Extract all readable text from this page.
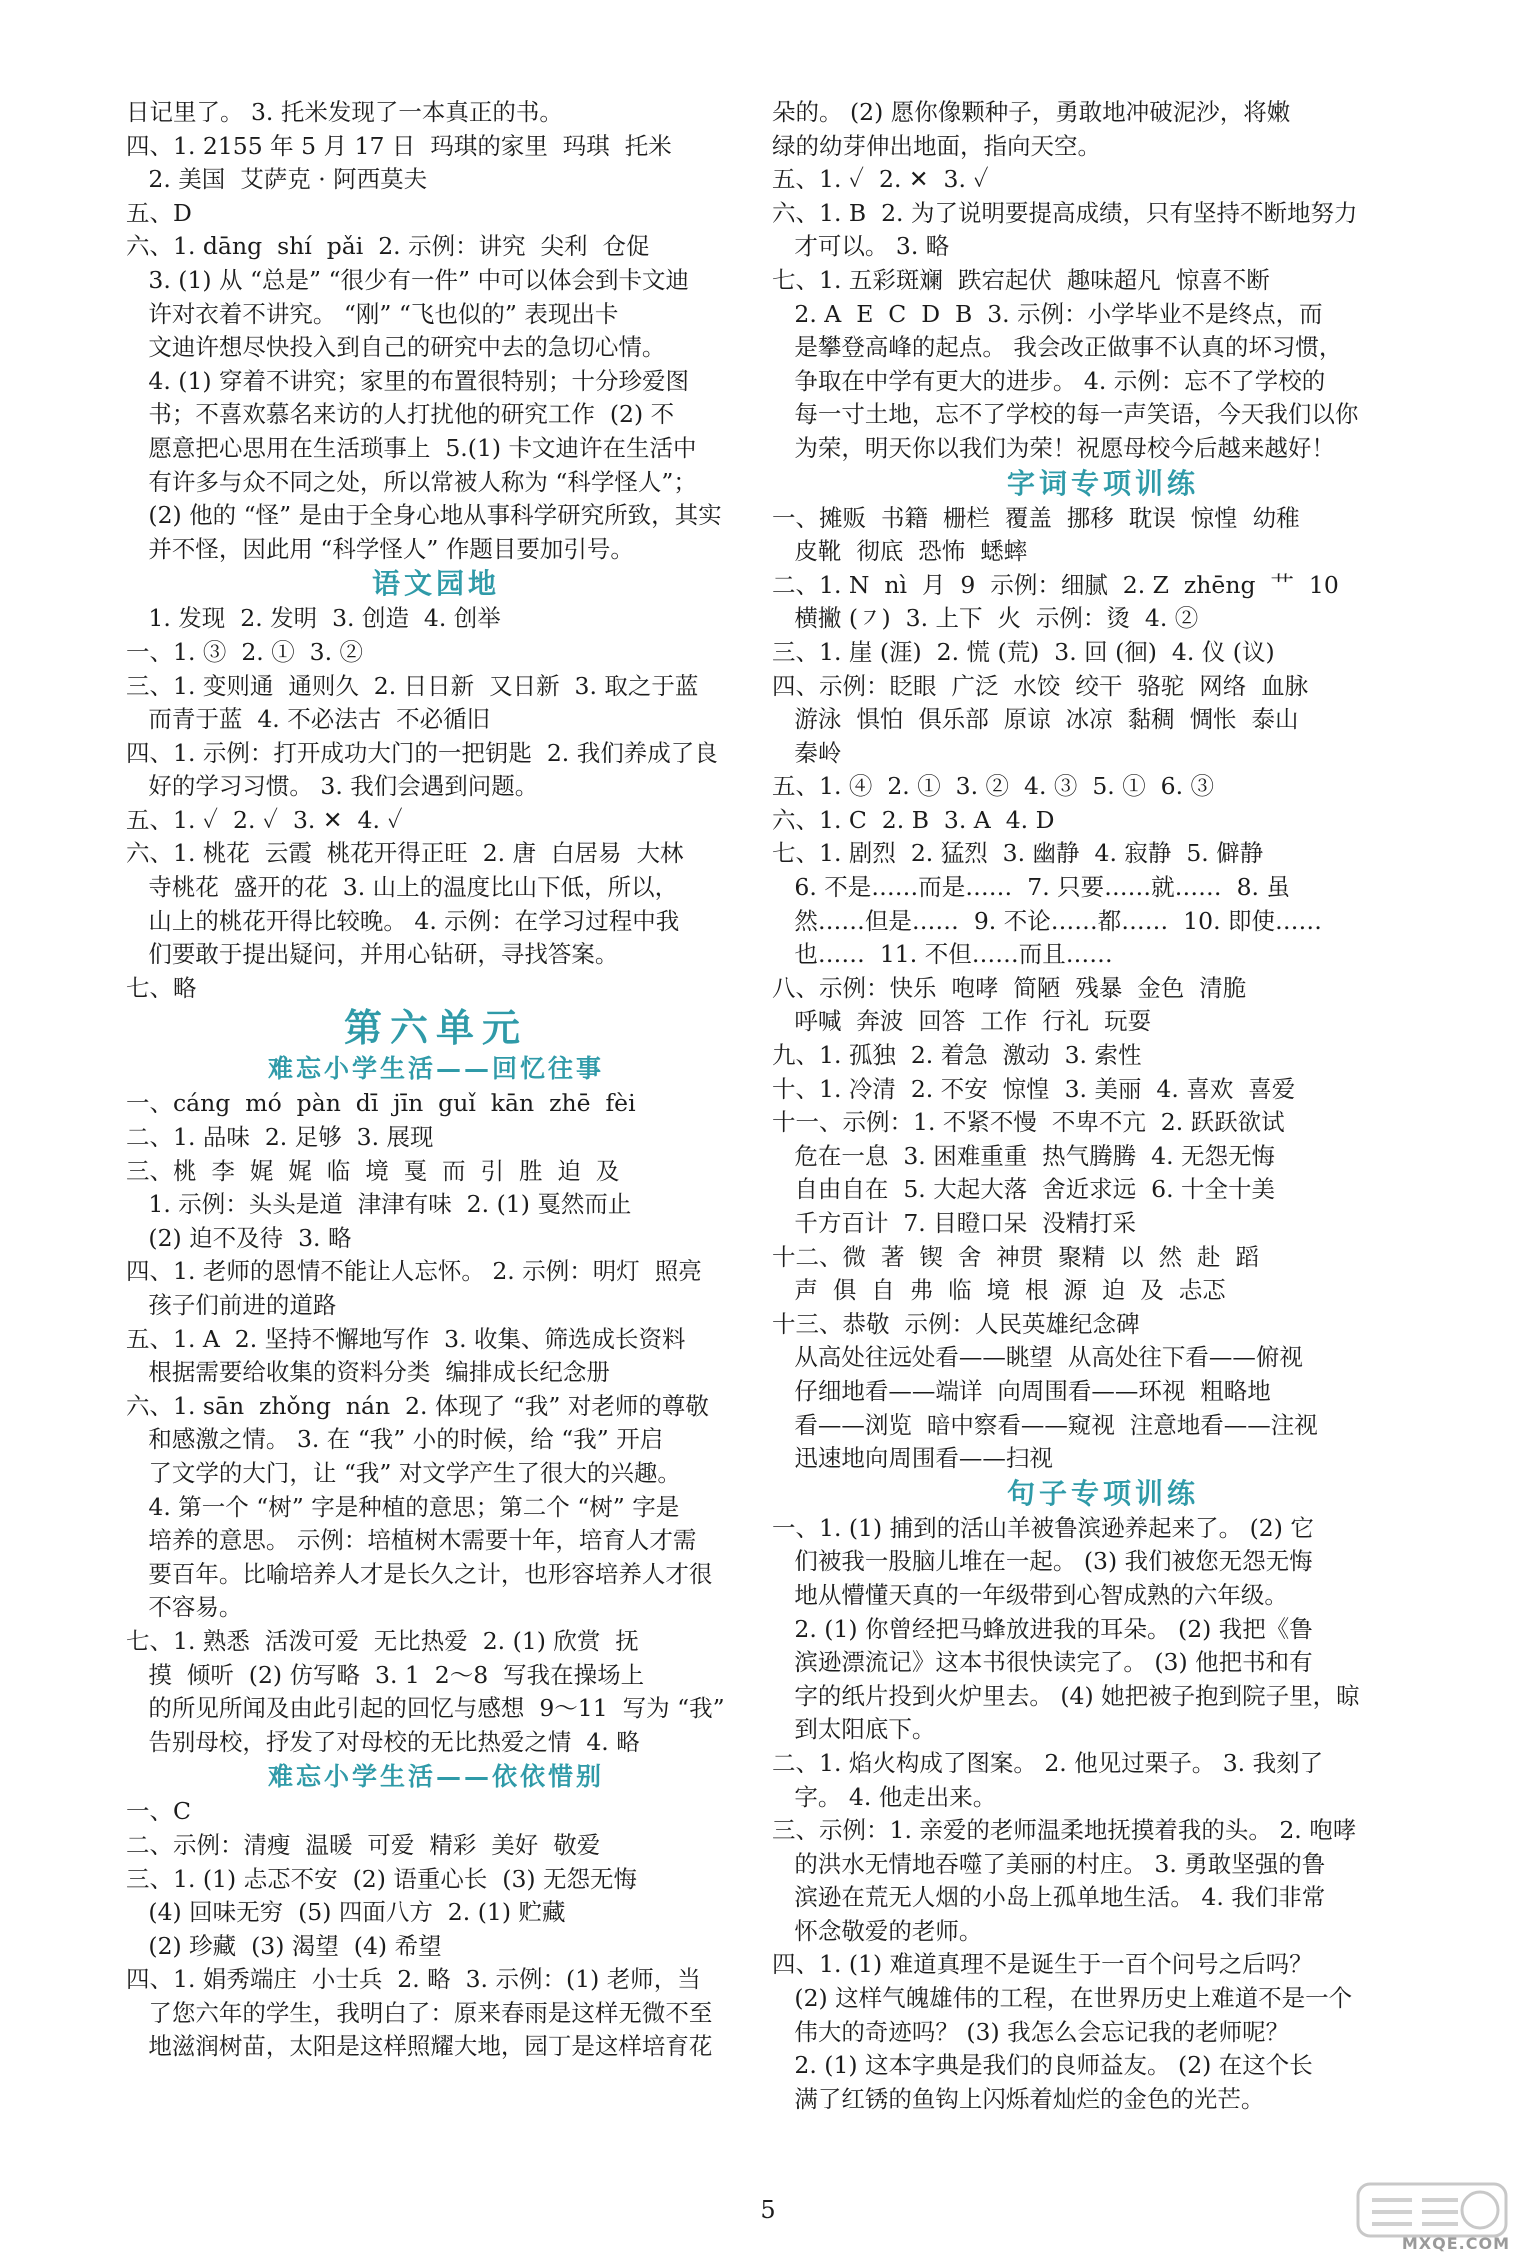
日记里了。 3. 托米发现了一本真正的书。
四、1. 2155 年 5 月 17 日  玛琪的家里  玛琪  托米
2. 美国  艾萨克 · 阿西莫夫
五、D
六、1. dāng  shí  pǎi  2. 示例：讲究  尖利  仓促
3. (1) 从 “总是” “很少有一件” 中可以体会到卡文迪
许对衣着不讲究。 “刚” “飞也似的” 表现出卡
文迪许想尽快投入到自己的研究中去的急切心情。
4. (1) 穿着不讲究；家里的布置很特别；十分珍爱图
书；不喜欢慕名来访的人打扰他的研究工作  (2) 不
愿意把心思用在生活琐事上  5.(1) 卡文迪许在生活中
有许多与众不同之处，所以常被人称为 “科学怪人”；
(2) 他的 “怪” 是由于全身心地从事科学研究所致，其实
并不怪，因此用 “科学怪人” 作题目要加引号。
语文园地
1. 发现  2. 发明  3. 创造  4. 创举
一、1. ③  2. ①  3. ②
三、1. 变则通  通则久  2. 日日新  又日新  3. 取之于蓝
而青于蓝  4. 不必法古  不必循旧
四、1. 示例：打开成功大门的一把钥匙  2. 我们养成了良
好的学习习惯。 3. 我们会遇到问题。
五、1. ✓  2. ✓  3. ✕  4. ✓
六、1. 桃花  云霞  桃花开得正旺  2. 唐  白居易  大林
寺桃花  盛开的花  3. 山上的温度比山下低，所以，
山上的桃花开得比较晚。 4. 示例：在学习过程中我
们要敢于提出疑问，并用心钻研，寻找答案。
七、略
第六单元
难忘小学生活——回忆往事
一、cáng  mó  pàn  dī  jīn  guǐ  kān  zhē  fèi
二、1. 品味  2. 足够  3. 展现
三、桃  李  娓  娓  临  境  戛  而  引  胜  迫  及
1. 示例：头头是道  津津有味  2. (1) 戛然而止
(2) 迫不及待  3. 略
四、1. 老师的恩情不能让人忘怀。 2. 示例：明灯  照亮
孩子们前进的道路
五、1. A  2. 坚持不懈地写作  3. 收集、筛选成长资料
根据需要给收集的资料分类  编排成长纪念册
六、1. sān  zhǒng  nán  2. 体现了 “我” 对老师的尊敬
和感激之情。 3. 在 “我” 小的时候，给 “我” 开启
了文学的大门，让 “我” 对文学产生了很大的兴趣。
4. 第一个 “树” 字是种植的意思；第二个 “树” 字是
培养的意思。 示例：培植树木需要十年，培育人才需
要百年。比喻培养人才是长久之计，也形容培养人才很
不容易。
七、1. 熟悉  活泼可爱  无比热爱  2. (1) 欣赏  抚
摸  倾听  (2) 仿写略  3. 1  2～8  写我在操场上
的所见所闻及由此引起的回忆与感想  9～11  写为 “我”
告别母校，抒发了对母校的无比热爱之情  4. 略
难忘小学生活——依依惜别
一、C
二、示例：清瘦  温暖  可爱  精彩  美好  敬爱
三、1. (1) 忐忑不安  (2) 语重心长  (3) 无怨无悔
(4) 回味无穷  (5) 四面八方  2. (1) 贮藏
(2) 珍藏  (3) 渴望  (4) 希望
四、1. 娟秀端庄  小士兵  2. 略  3. 示例：(1) 老师，当
了您六年的学生，我明白了：原来春雨是这样无微不至
地滋润树苗，太阳是这样照耀大地，园丁是这样培育花
朵的。 (2) 愿你像颗种子，勇敢地冲破泥沙，将嫩
绿的幼芽伸出地面，指向天空。
五、1. ✓  2. ✕  3. ✓
六、1. B  2. 为了说明要提高成绩，只有坚持不断地努力
才可以。 3. 略
七、1. 五彩斑斓  跌宕起伏  趣味超凡  惊喜不断
2. A  E  C  D  B  3. 示例：小学毕业不是终点，而
是攀登高峰的起点。 我会改正做事不认真的坏习惯，
争取在中学有更大的进步。 4. 示例：忘不了学校的
每一寸土地，忘不了学校的每一声笑语，今天我们以你
为荣，明天你以我们为荣！祝愿母校今后越来越好！
字词专项训练
一、摊贩  书籍  栅栏  覆盖  挪移  耽误  惊惶  幼稚
皮靴  彻底  恐怖  蟋蟀
二、1. N  nì  月  9  示例：细腻  2. Z  zhēng  ⺾  10
横撇 (㇇)  3. 上下  火  示例：烫  4. ②
三、1. 崖 (涯)  2. 慌 (荒)  3. 回 (徊)  4. 仪 (议)
四、示例：眨眼  广泛  水饺  绞干  骆驼  网络  血脉
游泳  惧怕  俱乐部  原谅  冰凉  黏稠  惆怅  泰山
秦岭
五、1. ④  2. ①  3. ②  4. ③  5. ①  6. ③
六、1. C  2. B  3. A  4. D
七、1. 剧烈  2. 猛烈  3. 幽静  4. 寂静  5. 僻静
6. 不是……而是……  7. 只要……就……  8. 虽
然……但是……  9. 不论……都……  10. 即使……
也……  11. 不但……而且……
八、示例：快乐  咆哮  简陋  残暴  金色  清脆
呼喊  奔波  回答  工作  行礼  玩耍
九、1. 孤独  2. 着急  激动  3. 索性
十、1. 冷清  2. 不安  惊惶  3. 美丽  4. 喜欢  喜爱
十一、示例：1. 不紧不慢  不卑不亢  2. 跃跃欲试
危在一息  3. 困难重重  热气腾腾  4. 无怨无悔
自由自在  5. 大起大落  舍近求远  6. 十全十美
千方百计  7. 目瞪口呆  没精打采
十二、微  著  锲  舍  神贯  聚精  以  然  赴  蹈
声  俱  自  弗  临  境  根  源  迫  及  忐忑
十三、恭敬  示例：人民英雄纪念碑
从高处往远处看——眺望  从高处往下看——俯视
仔细地看——端详  向周围看——环视  粗略地
看——浏览  暗中察看——窥视  注意地看——注视
迅速地向周围看——扫视
句子专项训练
一、1. (1) 捕到的活山羊被鲁滨逊养起来了。 (2) 它
们被我一股脑儿堆在一起。 (3) 我们被您无怨无悔
地从懵懂天真的一年级带到心智成熟的六年级。
2. (1) 你曾经把马蜂放进我的耳朵。 (2) 我把《鲁
滨逊漂流记》这本书很快读完了。 (3) 他把书和有
字的纸片投到火炉里去。 (4) 她把被子抱到院子里，晾
到太阳底下。
二、1. 焰火构成了图案。 2. 他见过栗子。 3. 我刻了
字。 4. 他走出来。
三、示例：1. 亲爱的老师温柔地抚摸着我的头。 2. 咆哮
的洪水无情地吞噬了美丽的村庄。 3. 勇敢坚强的鲁
滨逊在荒无人烟的小岛上孤单地生活。 4. 我们非常
怀念敬爱的老师。
四、1. (1) 难道真理不是诞生于一百个问号之后吗？
(2) 这样气魄雄伟的工程，在世界历史上难道不是一个
伟大的奇迹吗？ (3) 我怎么会忘记我的老师呢？
2. (1) 这本字典是我们的良师益友。 (2) 在这个长
满了红锈的鱼钩上闪烁着灿烂的金色的光芒。
5
MXQE.COM
